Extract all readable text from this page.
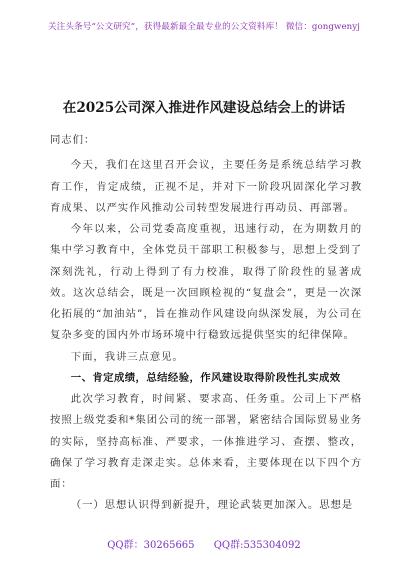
关注头条号“公文研究”，获得最新最全最专业的公文资料库！ 微信：gongwenyj
在2025公司深入推进作风建设总结会上的讲话

同志们：

今天，我们在这里召开会议，主要任务是系统总结学习教育工作，肯定成绩，正视不足，并对下一阶段巩固深化学习教育成果、以严实作风推动公司转型发展进行再动员、再部署。

今年以来，公司党委高度重视，迅速行动，在为期数月的集中学习教育中，全体党员干部职工积极参与，思想上受到了深刻洗礼，行动上得到了有力校准，取得了阶段性的显著成效。这次总结会，既是一次回顾检视的“复盘会”，更是一次深化拓展的“加油站”，旨在推动作风建设向纵深发展，为公司在复杂多变的国内外市场环境中行稳致远提供坚实的纪律保障。

下面，我讲三点意见。

一、肯定成绩，总结经验，作风建设取得阶段性扎实成效

此次学习教育，时间紧、要求高、任务重。公司上下严格按照上级党委和*集团公司的统一部署，紧密结合国际贸易业务的实际，坚持高标准、严要求，一体推进学习、查摆、整改，确保了学习教育走深走实。总体来看，主要体现在以下四个方面：

（一）思想认识得到新提升，理论武装更加深入。思想是

QQ群：30265665 QQ群:535304092
